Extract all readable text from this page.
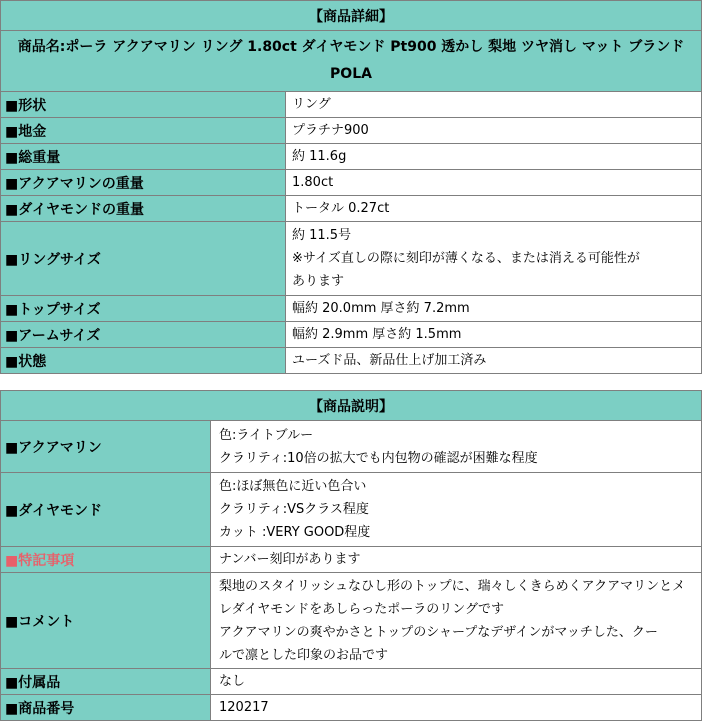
【商品詳細】	
商品名:ポーラ アクアマリン リング 1.80ct ダイヤモンド Pt900 透かし 梨地 ツヤ消し マット ブランド POLA	
■形状	リング

■地金	プラチナ900

■総重量	約 11.6g

■アクアマリンの重量	1.80ct

■ダイヤモンドの重量	トータル 0.27ct

■リングサイズ	約 11.5号
※サイズ直しの際に刻印が薄くなる、または消える可能性が
あります

■トップサイズ	幅約 20.0mm 厚さ約 7.2mm

■アームサイズ	幅約 2.9mm 厚さ約 1.5mm

■状態	ユーズド品、新品仕上げ加工済み
【商品説明】	
■アクアマリン	色:ライトブルー
クラリティ:10倍の拡大でも内包物の確認が困難な程度

■ダイヤモンド	色:ほぼ無色に近い色合い
クラリティ:VSクラス程度
カット :VERY GOOD程度

■特記事項	ナンバー刻印があります

■コメント	梨地のスタイリッシュなひし形のトップに、瑞々しくきらめくアクアマリンとメ
レダイヤモンドをあしらったポーラのリングです
アクアマリンの爽やかさとトップのシャープなデザインがマッチした、クー
ルで凛とした印象のお品です

■付属品	なし

■商品番号	120217
